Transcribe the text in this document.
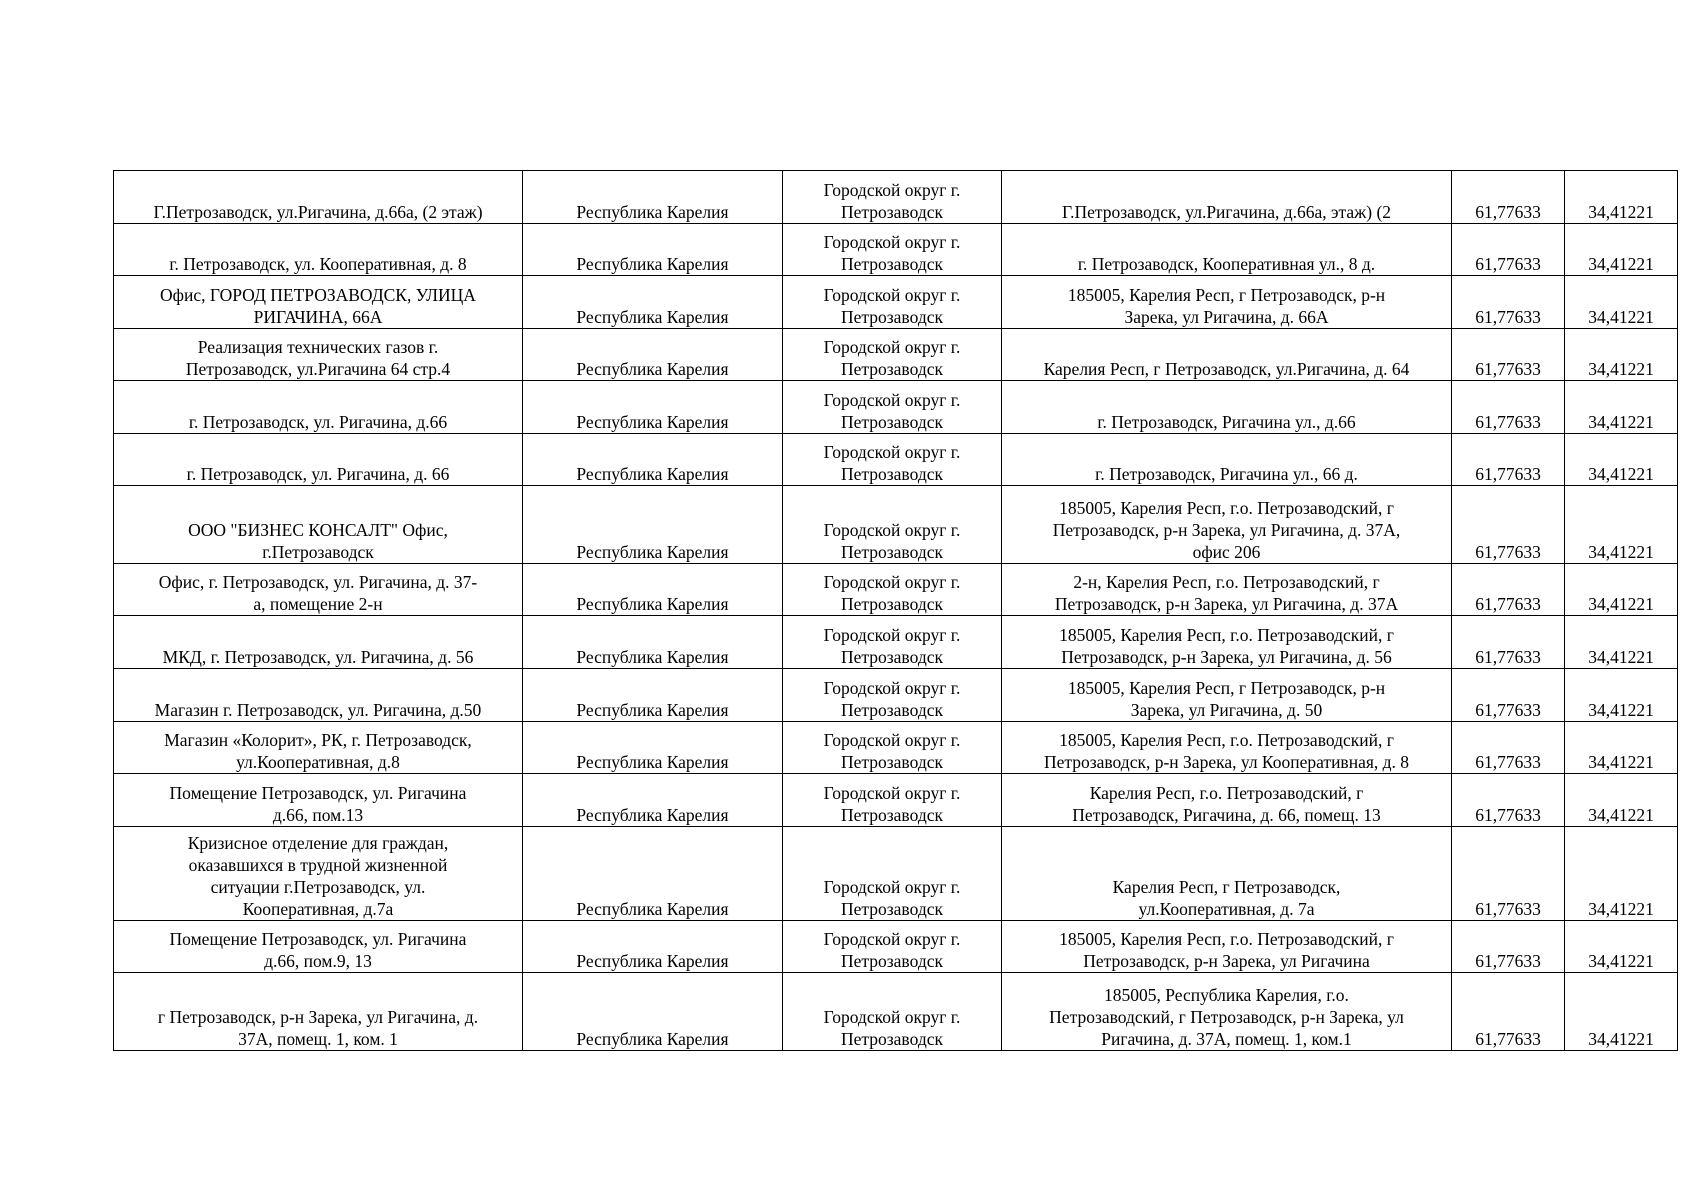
Г.Петрозаводск, ул.Ригачина, д.66а, (2 этаж)	Республика Карелия	Городской округ г.
Петрозаводск	Г.Петрозаводск, ул.Ригачина, д.66а, этаж) (2	61,77633	34,41221
г. Петрозаводск, ул. Кооперативная, д. 8	Республика Карелия	Городской округ г.
Петрозаводск	г. Петрозаводск, Кооперативная ул., 8 д.	61,77633	34,41221
Офис, ГОРОД ПЕТРОЗАВОДСК, УЛИЦА
РИГАЧИНА, 66А	Республика Карелия	Городской округ г.
Петрозаводск	185005, Карелия Респ, г Петрозаводск, р-н
Зарека, ул Ригачина, д. 66А	61,77633	34,41221
Реализация технических газов г.
Петрозаводск, ул.Ригачина 64 стр.4	Республика Карелия	Городской округ г.
Петрозаводск	Карелия Респ, г Петрозаводск, ул.Ригачина, д. 64	61,77633	34,41221
г. Петрозаводск, ул. Ригачина, д.66	Республика Карелия	Городской округ г.
Петрозаводск	г. Петрозаводск, Ригачина ул., д.66	61,77633	34,41221
г. Петрозаводск, ул. Ригачина, д. 66	Республика Карелия	Городской округ г.
Петрозаводск	г. Петрозаводск, Ригачина ул., 66 д.	61,77633	34,41221
ООО "БИЗНЕС КОНСАЛТ" Офис,
г.Петрозаводск	Республика Карелия	Городской округ г.
Петрозаводск	185005, Карелия Респ, г.о. Петрозаводский, г
Петрозаводск, р-н Зарека, ул Ригачина, д. 37А,
офис 206	61,77633	34,41221
Офис, г. Петрозаводск, ул. Ригачина, д. 37-
а, помещение 2-н	Республика Карелия	Городской округ г.
Петрозаводск	2-н, Карелия Респ, г.о. Петрозаводский, г
Петрозаводск, р-н Зарека, ул Ригачина, д. 37А	61,77633	34,41221
МКД, г. Петрозаводск, ул. Ригачина, д. 56	Республика Карелия	Городской округ г.
Петрозаводск	185005, Карелия Респ, г.о. Петрозаводский, г
Петрозаводск, р-н Зарека, ул Ригачина, д. 56	61,77633	34,41221
Магазин г. Петрозаводск, ул. Ригачина, д.50	Республика Карелия	Городской округ г.
Петрозаводск	185005, Карелия Респ, г Петрозаводск, р-н
Зарека, ул Ригачина, д. 50	61,77633	34,41221
Магазин «Колорит», РК, г. Петрозаводск,
ул.Кооперативная, д.8	Республика Карелия	Городской округ г.
Петрозаводск	185005, Карелия Респ, г.о. Петрозаводский, г
Петрозаводск, р-н Зарека, ул Кооперативная, д. 8	61,77633	34,41221
Помещение Петрозаводск, ул. Ригачина
д.66, пом.13	Республика Карелия	Городской округ г.
Петрозаводск	Карелия Респ, г.о. Петрозаводский, г
Петрозаводск, Ригачина, д. 66, помещ. 13	61,77633	34,41221
Кризисное отделение для граждан,
оказавшихся в трудной жизненной
ситуации г.Петрозаводск, ул.
Кооперативная, д.7а	Республика Карелия	Городской округ г.
Петрозаводск	Карелия Респ, г Петрозаводск,
ул.Кооперативная, д. 7а	61,77633	34,41221
Помещение Петрозаводск, ул. Ригачина
д.66, пом.9, 13	Республика Карелия	Городской округ г.
Петрозаводск	185005, Карелия Респ, г.о. Петрозаводский, г
Петрозаводск, р-н Зарека, ул Ригачина	61,77633	34,41221
г Петрозаводск, р-н Зарека, ул Ригачина, д.
37А, помещ. 1, ком. 1	Республика Карелия	Городской округ г.
Петрозаводск	185005, Республика Карелия, г.о.
Петрозаводский, г Петрозаводск, р-н Зарека, ул
Ригачина, д. 37А, помещ. 1, ком.1	61,77633	34,41221
